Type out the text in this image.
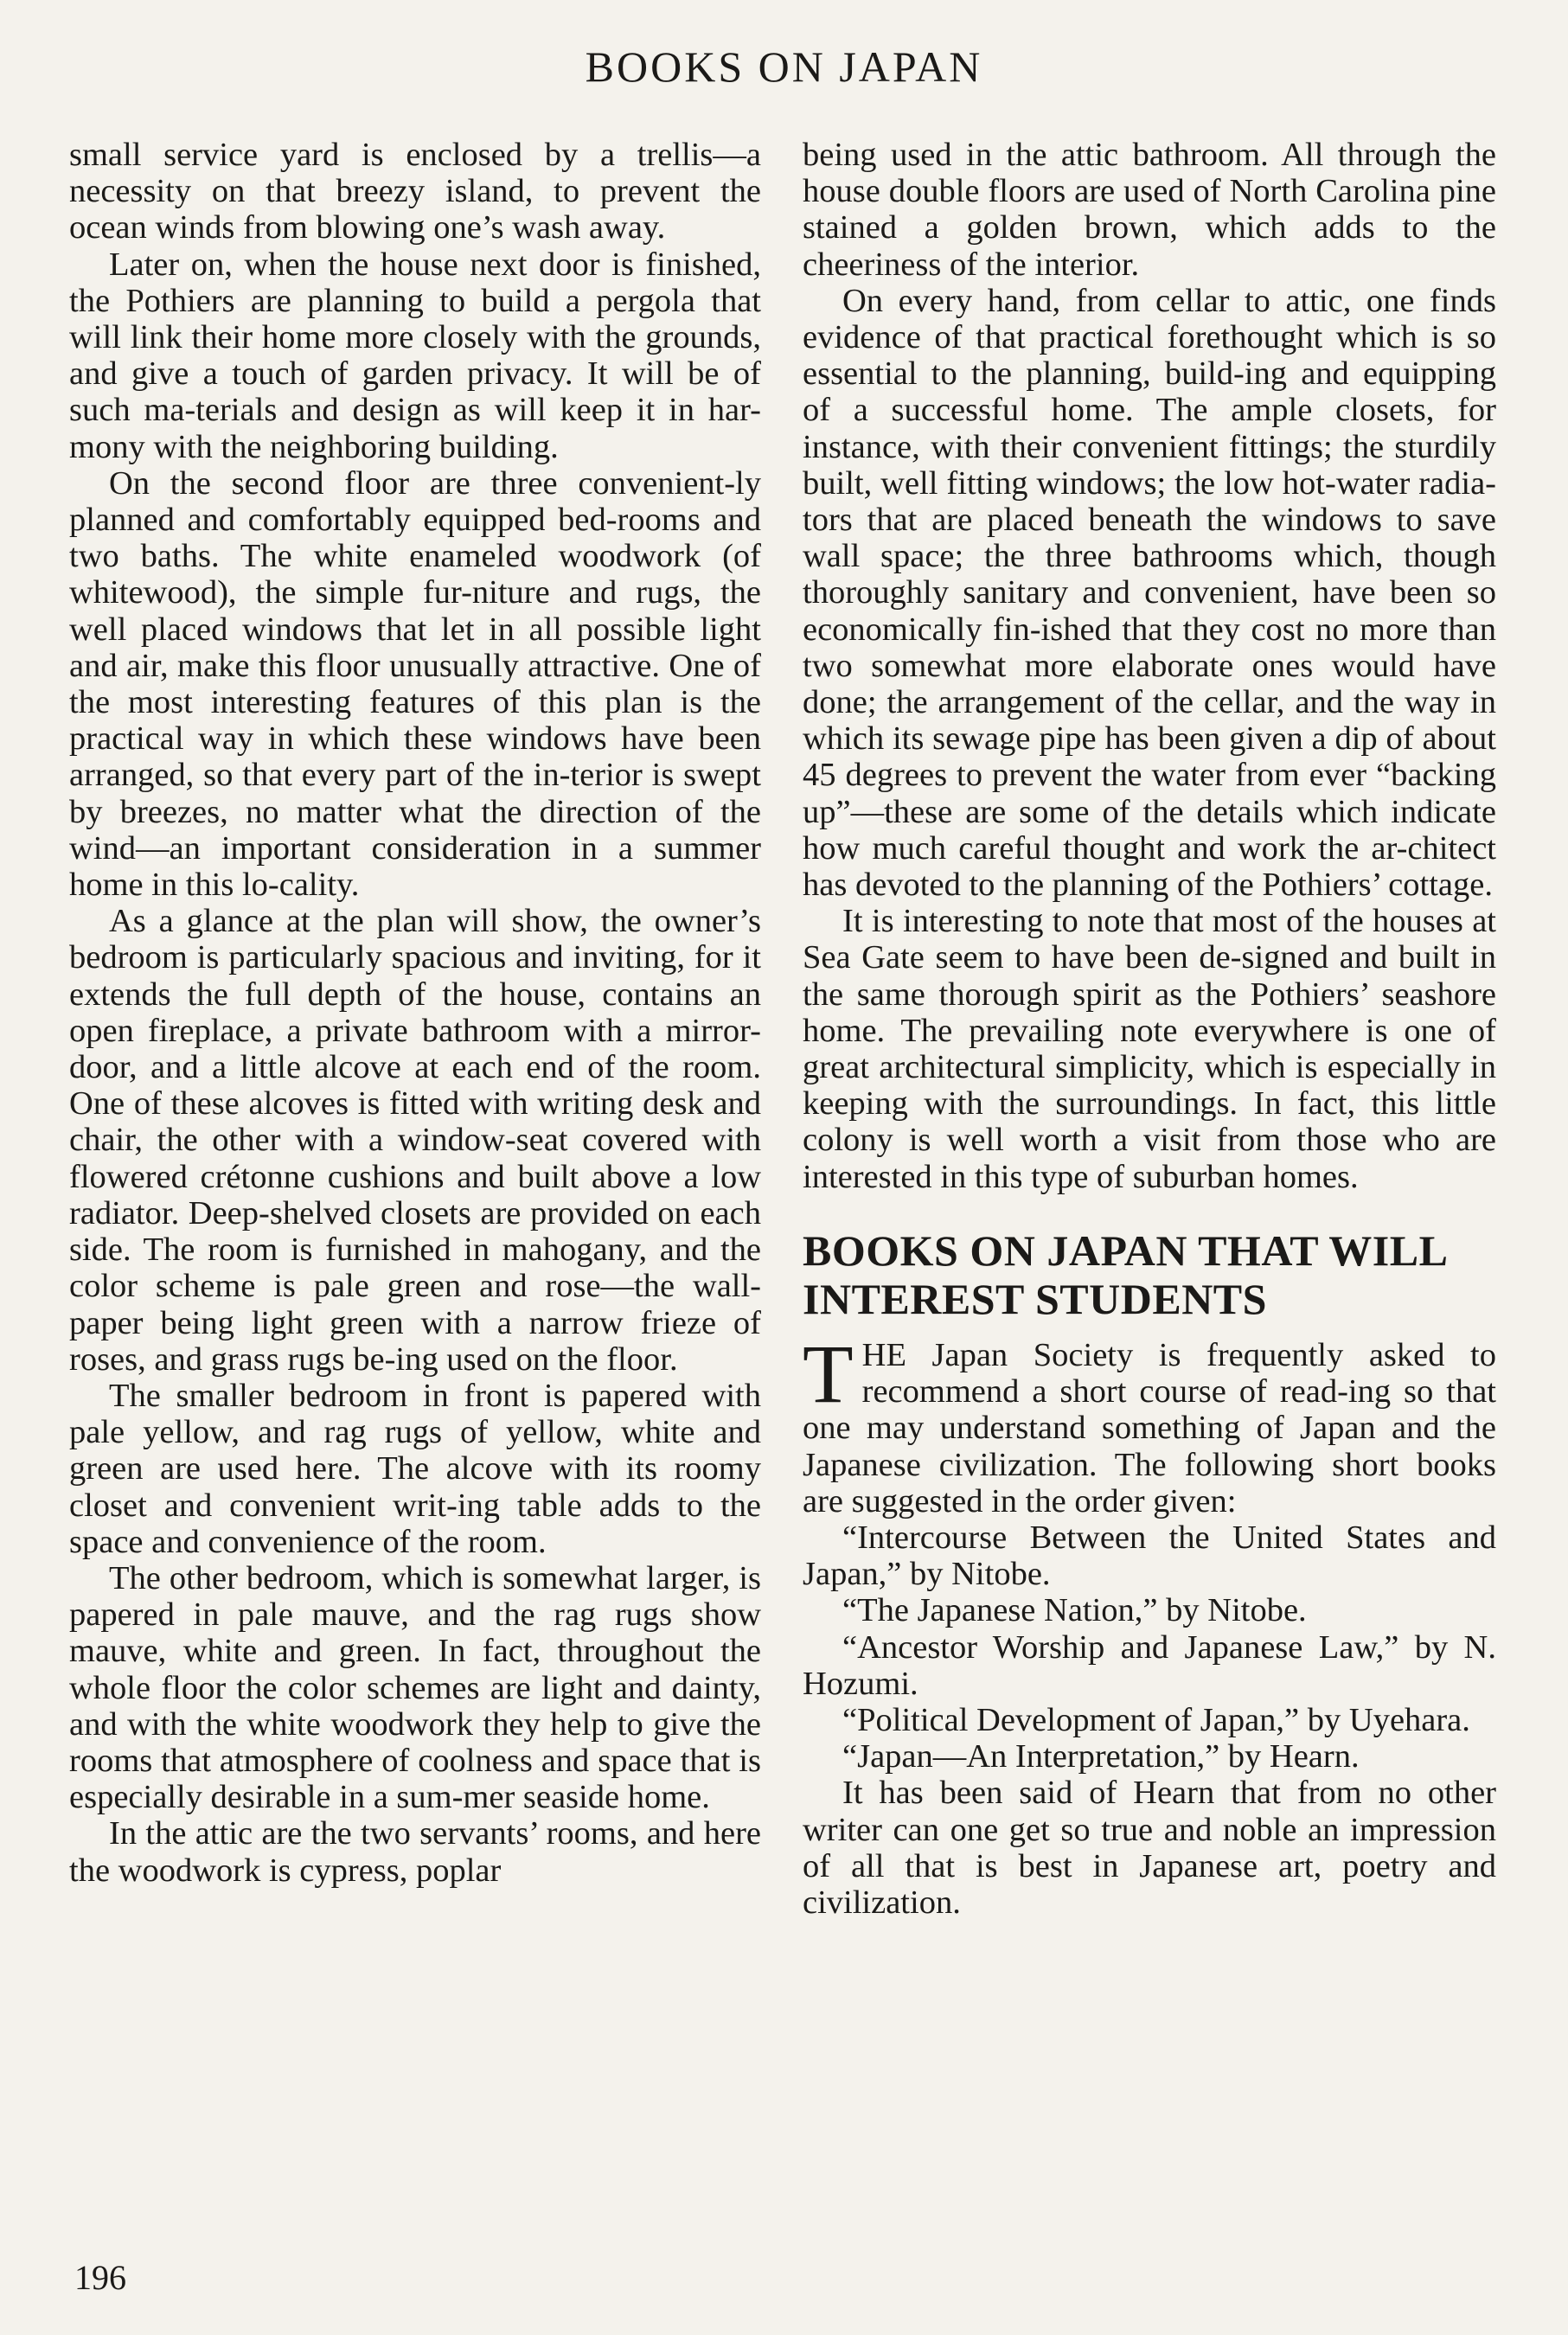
BOOKS ON JAPAN

small service yard is enclosed by a trellis—a necessity on that breezy island, to prevent the ocean winds from blowing one’s wash away.

Later on, when the house next door is finished, the Pothiers are planning to build a pergola that will link their home more closely with the grounds, and give a touch of garden privacy. It will be of such ma-terials and design as will keep it in har-mony with the neighboring building.

On the second floor are three convenient-ly planned and comfortably equipped bed-rooms and two baths. The white enameled woodwork (of whitewood), the simple fur-niture and rugs, the well placed windows that let in all possible light and air, make this floor unusually attractive. One of the most interesting features of this plan is the practical way in which these windows have been arranged, so that every part of the in-terior is swept by breezes, no matter what the direction of the wind—an important consideration in a summer home in this lo-cality.

As a glance at the plan will show, the owner’s bedroom is particularly spacious and inviting, for it extends the full depth of the house, contains an open fireplace, a private bathroom with a mirror-door, and a little alcove at each end of the room. One of these alcoves is fitted with writing desk and chair, the other with a window-seat covered with flowered crétonne cushions and built above a low radiator. Deep-shelved closets are provided on each side. The room is furnished in mahogany, and the color scheme is pale green and rose—the wall-paper being light green with a narrow frieze of roses, and grass rugs be-ing used on the floor.

The smaller bedroom in front is papered with pale yellow, and rag rugs of yellow, white and green are used here. The alcove with its roomy closet and convenient writ-ing table adds to the space and convenience of the room.

The other bedroom, which is somewhat larger, is papered in pale mauve, and the rag rugs show mauve, white and green. In fact, throughout the whole floor the color schemes are light and dainty, and with the white woodwork they help to give the rooms that atmosphere of coolness and space that is especially desirable in a sum-mer seaside home.

In the attic are the two servants’ rooms, and here the woodwork is cypress, poplar

being used in the attic bathroom. All through the house double floors are used of North Carolina pine stained a golden brown, which adds to the cheeriness of the interior.

On every hand, from cellar to attic, one finds evidence of that practical forethought which is so essential to the planning, build-ing and equipping of a successful home. The ample closets, for instance, with their convenient fittings; the sturdily built, well fitting windows; the low hot-water radia-tors that are placed beneath the windows to save wall space; the three bathrooms which, though thoroughly sanitary and convenient, have been so economically fin-ished that they cost no more than two somewhat more elaborate ones would have done; the arrangement of the cellar, and the way in which its sewage pipe has been given a dip of about 45 degrees to prevent the water from ever “backing up”—these are some of the details which indicate how much careful thought and work the ar-chitect has devoted to the planning of the Pothiers’ cottage.

It is interesting to note that most of the houses at Sea Gate seem to have been de-signed and built in the same thorough spirit as the Pothiers’ seashore home. The prevailing note everywhere is one of great architectural simplicity, which is especially in keeping with the surroundings. In fact, this little colony is well worth a visit from those who are interested in this type of suburban homes.

BOOKS ON JAPAN THAT WILL
INTEREST STUDENTS

THE Japan Society is frequently asked to recommend a short course of read-ing so that one may understand something of Japan and the Japanese civilization. The following short books are suggested in the order given:

“Intercourse Between the United States and Japan,” by Nitobe.

“The Japanese Nation,” by Nitobe.

“Ancestor Worship and Japanese Law,” by N. Hozumi.

“Political Development of Japan,” by Uyehara.

“Japan—An Interpretation,” by Hearn.

It has been said of Hearn that from no other writer can one get so true and noble an impression of all that is best in Japanese art, poetry and civilization.

196
